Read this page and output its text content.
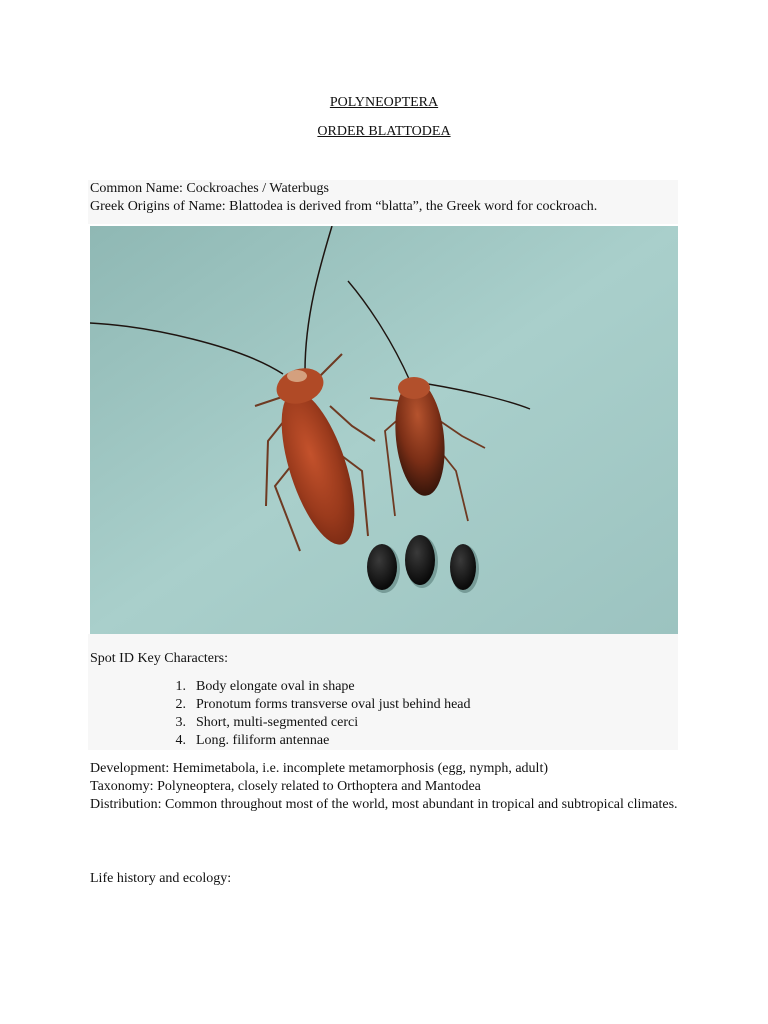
POLYNEOPTERA
ORDER BLATTODEA
Common Name: Cockroaches / Waterbugs
Greek Origins of Name: Blattodea is derived from “blatta”, the Greek word for cockroach.
Spot ID Key Characters:
1. Body elongate oval in shape
2. Pronotum forms transverse oval just behind head
3. Short, multi-segmented cerci
4. Long. filiform antennae
Development: Hemimetabola, i.e. incomplete metamorphosis (egg, nymph, adult)
Taxonomy: Polyneoptera, closely related to Orthoptera and Mantodea
Distribution: Common throughout most of the world, most abundant in tropical and subtropical climates.
Life history and ecology:
